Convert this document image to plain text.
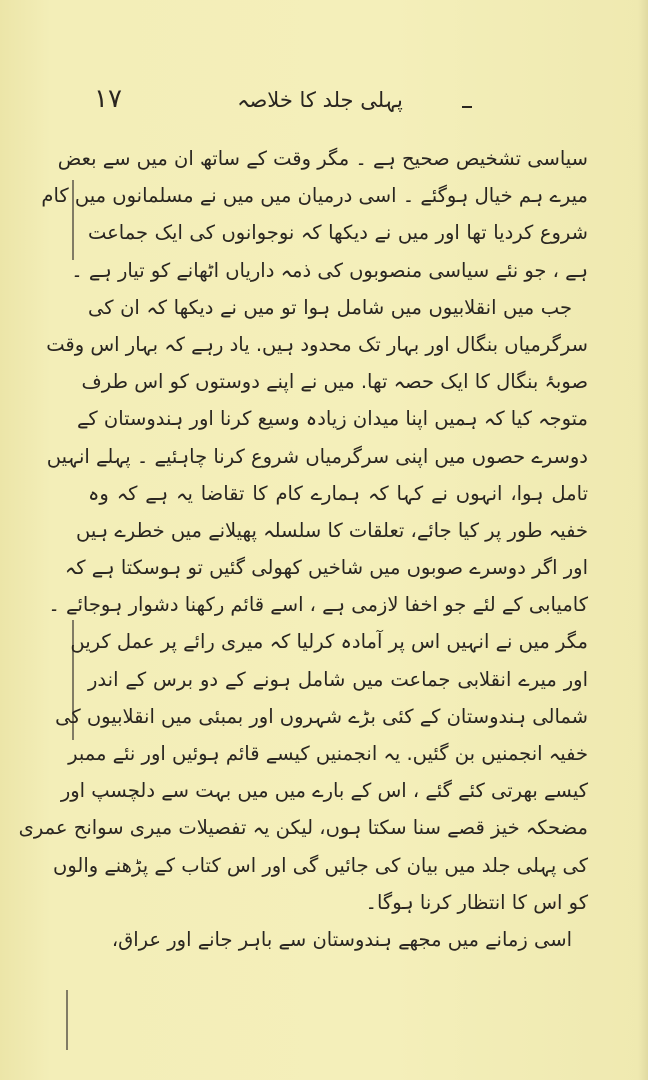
١٧	پہلی جلد کا خلاصہ
سیاسی تشخیص صحیح ہے ۔ مگر وقت کے ساتھ ان میں سے بعض
میرے ہم خیال ہوگئے ۔ اسی درمیان میں میں نے مسلمانوں میں کام
شروع کردیا تھا اور میں نے دیکھا کہ نوجوانوں کی ایک جماعت
ہے ، جو نئے سیاسی منصوبوں کی ذمہ داریاں اٹھانے کو تیار ہے ۔
جب میں انقلابیوں میں شامل ہوا تو میں نے دیکھا کہ ان کی
سرگرمیاں بنگال اور بہار تک محدود ہیں. یاد رہے کہ بہار اس وقت
صوبۂ بنگال کا ایک حصہ تھا. میں نے اپنے دوستوں کو اس طرف
متوجہ کیا کہ ہمیں اپنا میدان زیادہ وسیع کرنا اور ہندوستان کے
دوسرے حصوں میں اپنی سرگرمیاں شروع کرنا چاہئیے ۔ پہلے انہیں
تامل ہوا، انہوں نے کہا کہ ہمارے کام کا تقاضا یہ ہے کہ وہ
خفیہ طور پر کیا جائے، تعلقات کا سلسلہ پھیلانے میں خطرے ہیں
اور اگر دوسرے صوبوں میں شاخیں کھولی گئیں تو ہوسکتا ہے کہ
کامیابی کے لئے جو اخفا لازمی ہے ، اسے قائم رکھنا دشوار ہوجائے ۔
مگر میں نے انہیں اس پر آمادہ کرلیا کہ میری رائے پر عمل کریں
اور میرے انقلابی جماعت میں شامل ہونے کے دو برس کے اندر
شمالی ہندوستان کے کئی بڑے شہروں اور بمبئی میں انقلابیوں کی
خفیہ انجمنیں بن گئیں. یہ انجمنیں کیسے قائم ہوئیں اور نئے ممبر
کیسے بھرتی کئے گئے ، اس کے بارے میں میں بہت سے دلچسپ اور
مضحکہ خیز قصے سنا سکتا ہوں، لیکن یہ تفصیلات میری سوانح عمری
کی پہلی جلد میں بیان کی جائیں گی اور اس کتاب کے پڑھنے والوں
کو اس کا انتظار کرنا ہوگا۔
اسی زمانے میں مجھے ہندوستان سے باہر جانے اور عراق،
